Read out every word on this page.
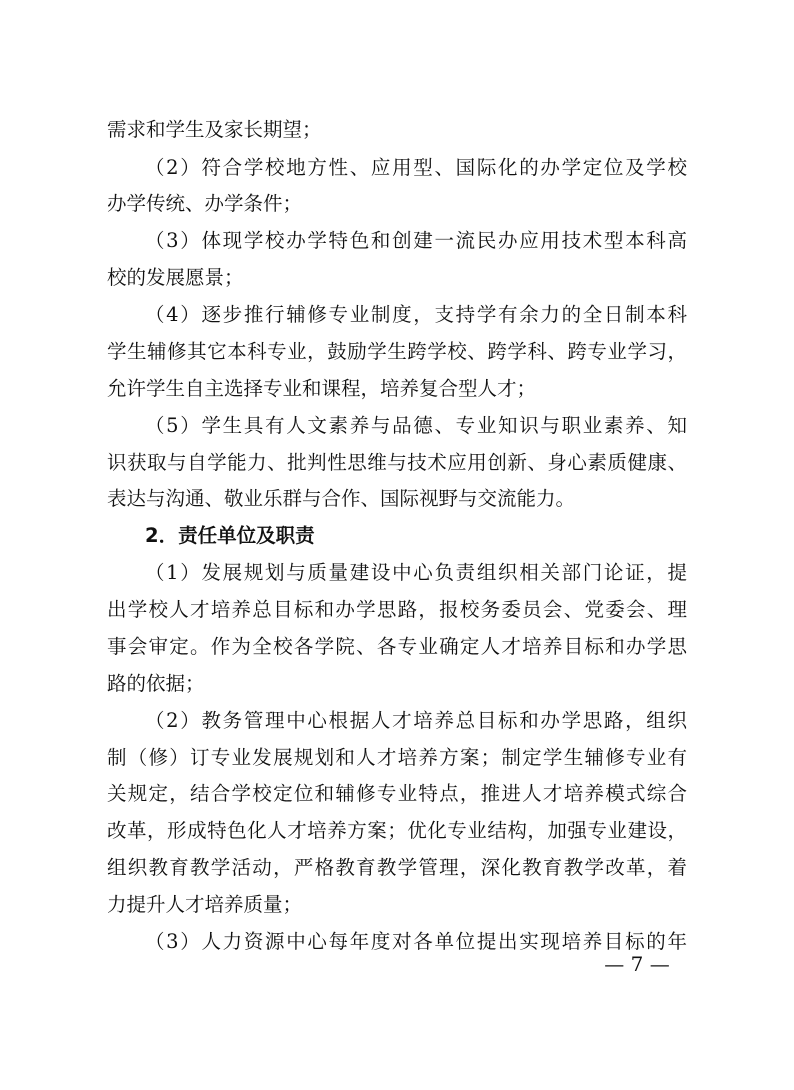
需求和学生及家长期望；
（2）符合学校地方性、应用型、国际化的办学定位及学校
办学传统、办学条件；
（3）体现学校办学特色和创建一流民办应用技术型本科高
校的发展愿景；
（4）逐步推行辅修专业制度，支持学有余力的全日制本科
学生辅修其它本科专业，鼓励学生跨学校、跨学科、跨专业学习，
允许学生自主选择专业和课程，培养复合型人才；
（5）学生具有人文素养与品德、专业知识与职业素养、知
识获取与自学能力、批判性思维与技术应用创新、身心素质健康、
表达与沟通、敬业乐群与合作、国际视野与交流能力。
2．责任单位及职责
（1）发展规划与质量建设中心负责组织相关部门论证，提
出学校人才培养总目标和办学思路，报校务委员会、党委会、理
事会审定。作为全校各学院、各专业确定人才培养目标和办学思
路的依据；
（2）教务管理中心根据人才培养总目标和办学思路，组织
制（修）订专业发展规划和人才培养方案；制定学生辅修专业有
关规定，结合学校定位和辅修专业特点，推进人才培养模式综合
改革，形成特色化人才培养方案；优化专业结构，加强专业建设，
组织教育教学活动，严格教育教学管理，深化教育教学改革，着
力提升人才培养质量；
（3）人力资源中心每年度对各单位提出实现培养目标的年
— 7 —
